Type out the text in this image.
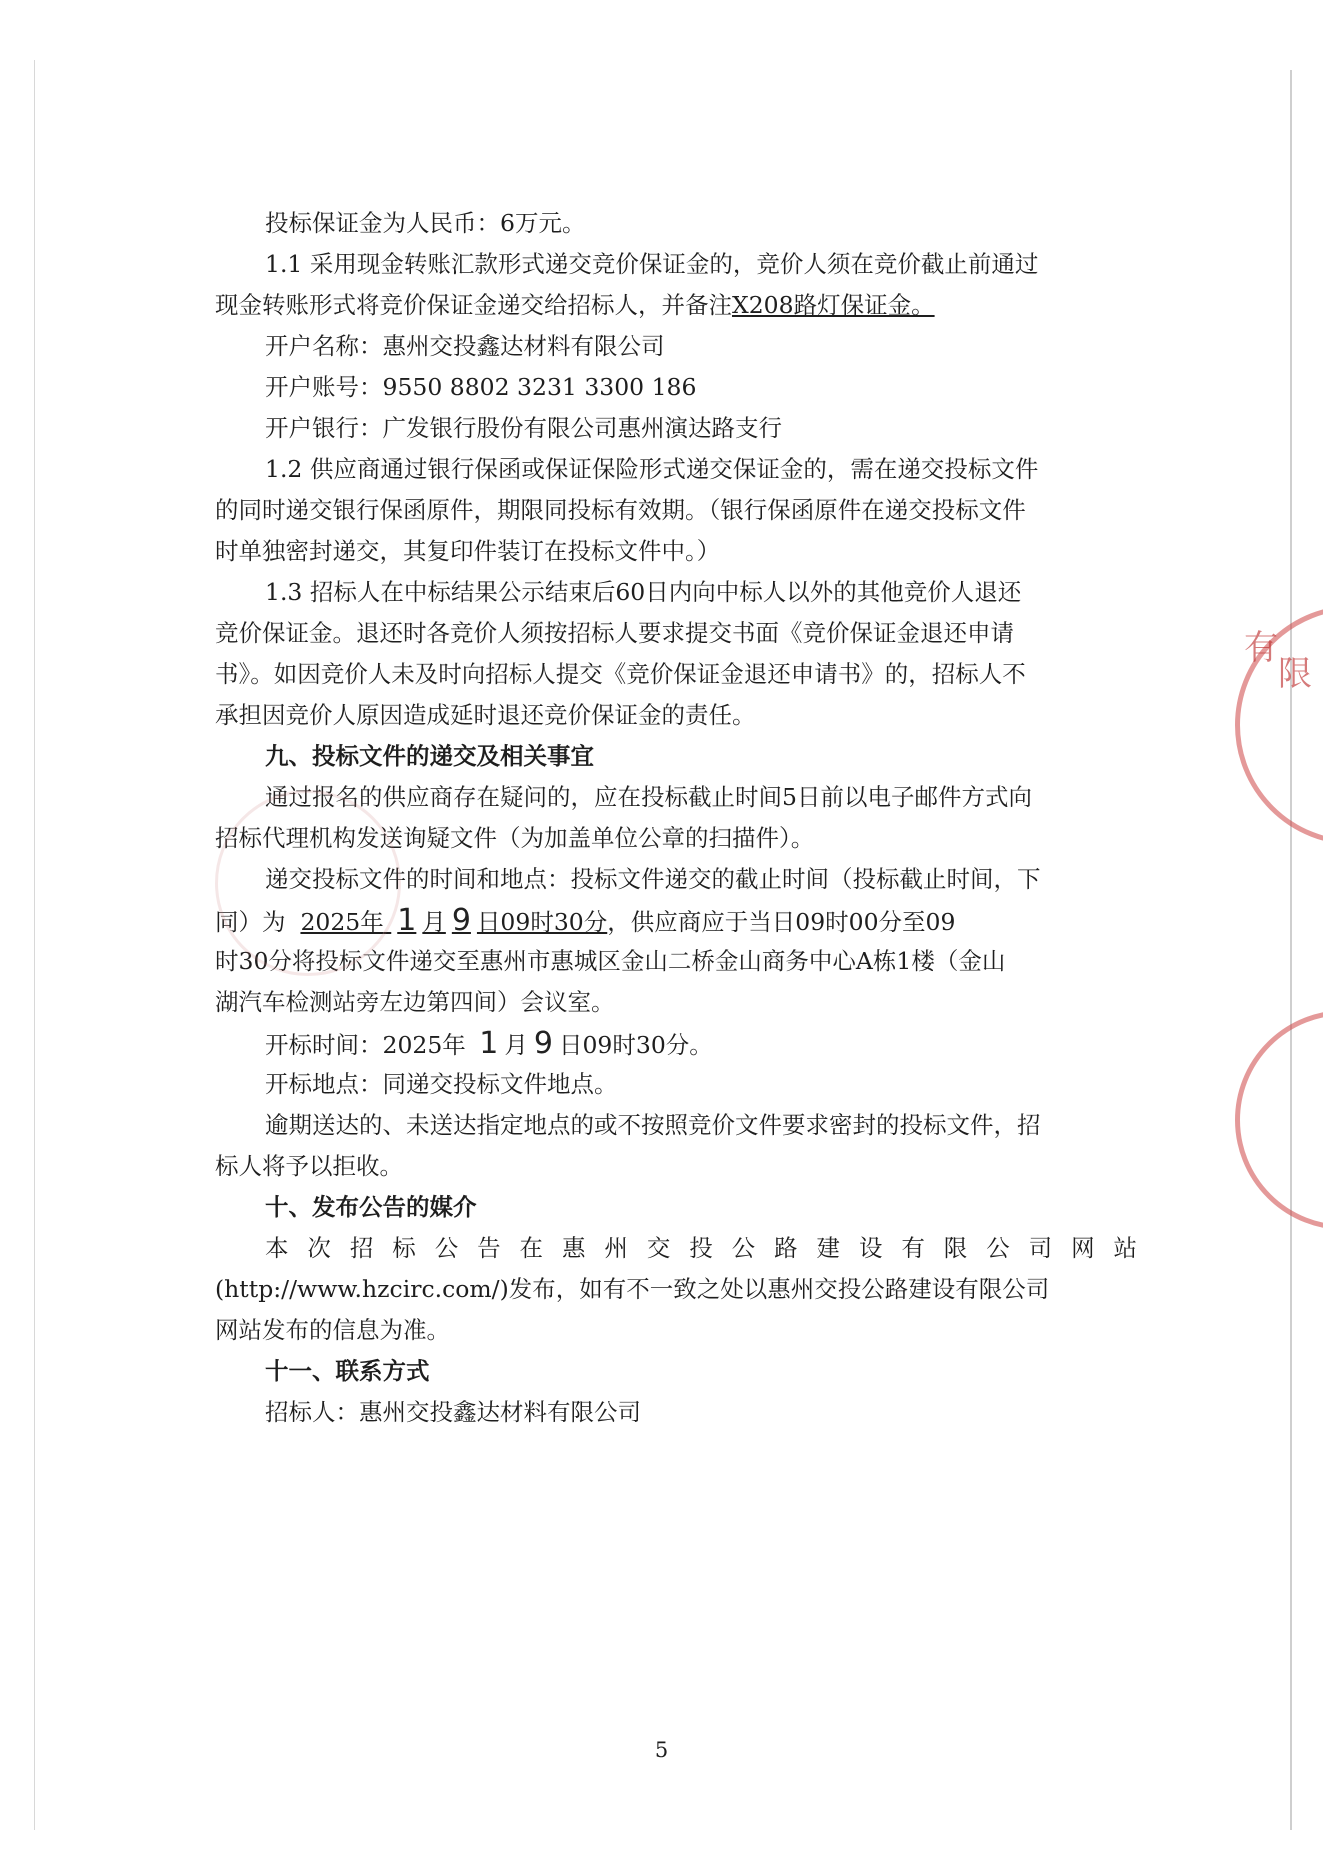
投标保证金为人民币：6万元。
1.1 采用现金转账汇款形式递交竞价保证金的，竞价人须在竞价截止前通过
现金转账形式将竞价保证金递交给招标人，并备注X208路灯保证金。
开户名称：惠州交投鑫达材料有限公司
开户账号：9550 8802 3231 3300 186
开户银行：广发银行股份有限公司惠州演达路支行
1.2 供应商通过银行保函或保证保险形式递交保证金的，需在递交投标文件
的同时递交银行保函原件，期限同投标有效期。（银行保函原件在递交投标文件
时单独密封递交，其复印件装订在投标文件中。）
1.3 招标人在中标结果公示结束后60日内向中标人以外的其他竞价人退还
竞价保证金。退还时各竞价人须按招标人要求提交书面《竞价保证金退还申请
书》。如因竞价人未及时向招标人提交《竞价保证金退还申请书》的，招标人不
承担因竞价人原因造成延时退还竞价保证金的责任。
九、投标文件的递交及相关事宜
通过报名的供应商存在疑问的，应在投标截止时间5日前以电子邮件方式向
招标代理机构发送询疑文件（为加盖单位公章的扫描件）。
递交投标文件的时间和地点：投标文件递交的截止时间（投标截止时间，下
同）为 2025年 1 月 9 日09时30分，供应商应于当日09时00分至09
时30分将投标文件递交至惠州市惠城区金山二桥金山商务中心A栋1楼（金山
湖汽车检测站旁左边第四间）会议室。
开标时间：2025年 1 月 9 日09时30分。
开标地点：同递交投标文件地点。
逾期送达的、未送达指定地点的或不按照竞价文件要求密封的投标文件，招
标人将予以拒收。
十、发布公告的媒介
本次招标公告在惠州交投公路建设有限公司网站
(http://www.hzcirc.com/)发布，如有不一致之处以惠州交投公路建设有限公司
网站发布的信息为准。
十一、联系方式
招标人：惠州交投鑫达材料有限公司
5
有
限
